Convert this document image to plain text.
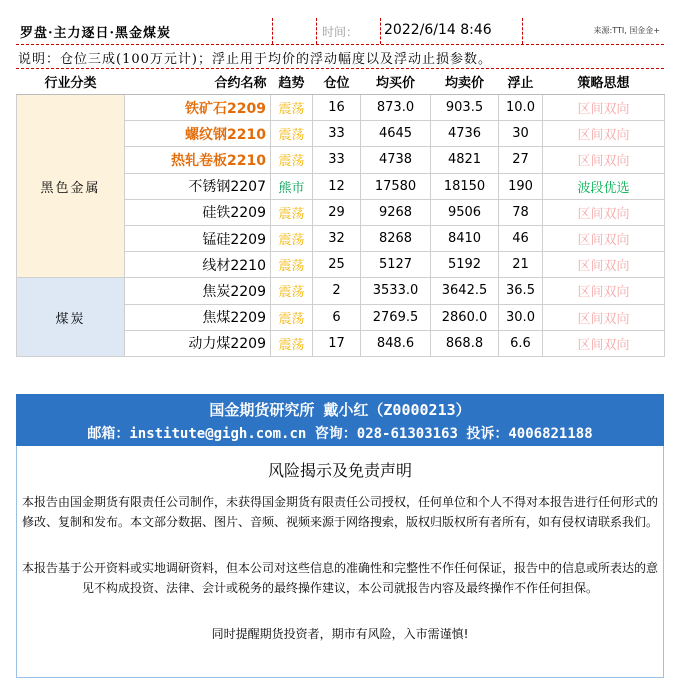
罗盘·主力逐日·黑金煤炭	时间： 2022/6/14 8:46	来源:TTI, 国金金+
说明：仓位三成(100万元计)；浮止用于均价的浮动幅度以及浮动止损参数。
行业分类	合约名称	趋势	仓位	均买价	均卖价	浮止	策略思想
黑色金属	铁矿石2209	震荡	16	873.0	903.5	10.0	区间双向
	螺纹钢2210	震荡	33	4645	4736	30	区间双向
	热轧卷板2210	震荡	33	4738	4821	27	区间双向
	不锈钢2207	熊市	12	17580	18150	190	波段优选
	硅铁2209	震荡	29	9268	9506	78	区间双向
	锰硅2209	震荡	32	8268	8410	46	区间双向
	线材2210	震荡	25	5127	5192	21	区间双向
煤炭	焦炭2209	震荡	2	3533.0	3642.5	36.5	区间双向
	焦煤2209	震荡	6	2769.5	2860.0	30.0	区间双向
	动力煤2209	震荡	17	848.6	868.8	6.6	区间双向
国金期货研究所 戴小红（Z0000213）
邮箱：institute@gigh.com.cn 咨询：028-61303163 投诉：4006821188
风险揭示及免责声明

本报告由国金期货有限责任公司制作，未获得国金期货有限责任公司授权，任何单位和个人不得对本报告进行任何形式的修改、复制和发布。本文部分数据、图片、音频、视频来源于网络搜索，版权归版权所有者所有，如有侵权请联系我们。

本报告基于公开资料或实地调研资料，但本公司对这些信息的准确性和完整性不作任何保证，报告中的信息或所表达的意见不构成投资、法律、会计或税务的最终操作建议，本公司就报告内容及最终操作不作任何担保。

同时提醒期货投资者，期市有风险，入市需谨慎!
